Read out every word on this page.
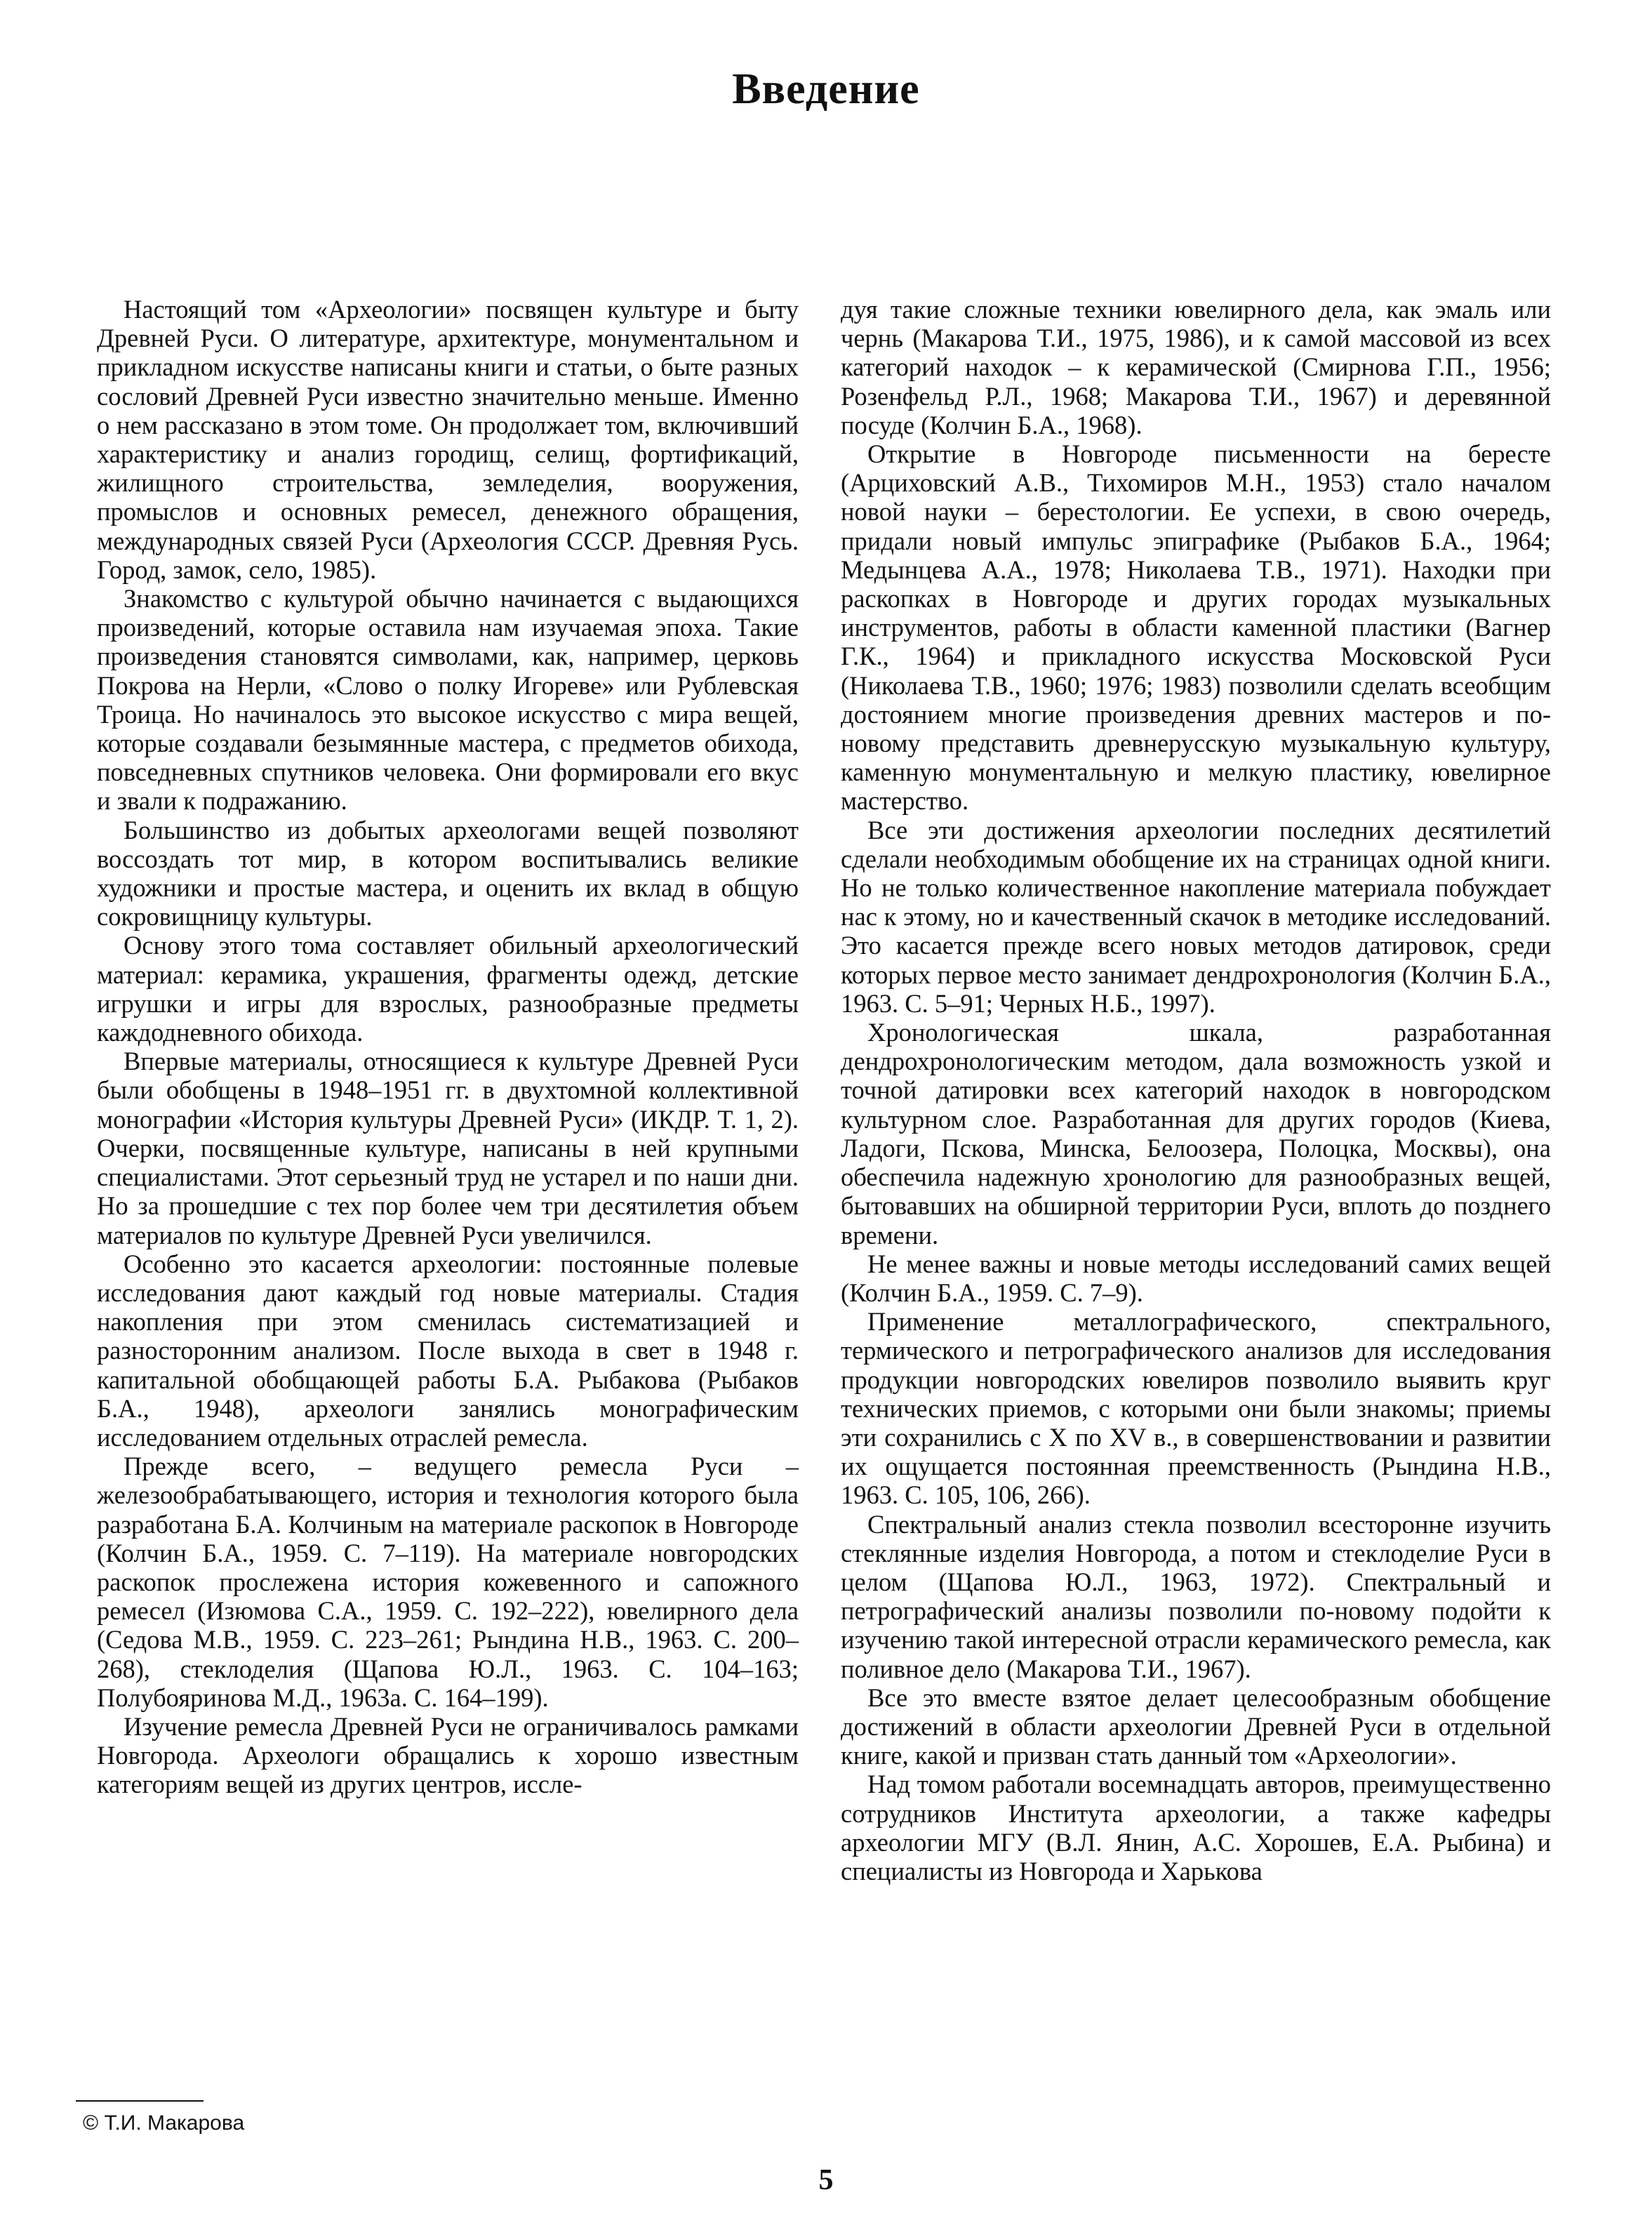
Введение

Настоящий том «Археологии» посвящен культуре и быту Древней Руси. О литературе, архитектуре, монументальном и прикладном искусстве написаны книги и статьи, о быте разных сословий Древней Руси известно значительно меньше. Именно о нем рассказано в этом томе. Он продолжает том, включивший характеристику и анализ городищ, селищ, фортификаций, жилищного строительства, земледелия, вооружения, промыслов и основных ремесел, денежного обращения, международных связей Руси (Археология СССР. Древняя Русь. Город, замок, село, 1985).

Знакомство с культурой обычно начинается с выдающихся произведений, которые оставила нам изучаемая эпоха. Такие произведения становятся символами, как, например, церковь Покрова на Нерли, «Слово о полку Игореве» или Рублевская Троица. Но начиналось это высокое искусство с мира вещей, которые создавали безымянные мастера, с предметов обихода, повседневных спутников человека. Они формировали его вкус и звали к подражанию.

Большинство из добытых археологами вещей позволяют воссоздать тот мир, в котором воспитывались великие художники и простые мастера, и оценить их вклад в общую сокровищницу культуры.

Основу этого тома составляет обильный археологический материал: керамика, украшения, фрагменты одежд, детские игрушки и игры для взрослых, разнообразные предметы каждодневного обихода.

Впервые материалы, относящиеся к культуре Древней Руси были обобщены в 1948–1951 гг. в двухтомной коллективной монографии «История культуры Древней Руси» (ИКДР. Т. 1, 2). Очерки, посвященные культуре, написаны в ней крупными специалистами. Этот серьезный труд не устарел и по наши дни. Но за прошедшие с тех пор более чем три десятилетия объем материалов по культуре Древней Руси увеличился.

Особенно это касается археологии: постоянные полевые исследования дают каждый год новые материалы. Стадия накопления при этом сменилась систематизацией и разносторонним анализом. После выхода в свет в 1948 г. капитальной обобщающей работы Б.А. Рыбакова (Рыбаков Б.А., 1948), археологи занялись монографическим исследованием отдельных отраслей ремесла.

Прежде всего, – ведущего ремесла Руси – железообрабатывающего, история и технология которого была разработана Б.А. Колчиным на материале раскопок в Новгороде (Колчин Б.А., 1959. С. 7–119). На материале новгородских раскопок прослежена история кожевенного и сапожного ремесел (Изюмова С.А., 1959. С. 192–222), ювелирного дела (Седова М.В., 1959. С. 223–261; Рындина Н.В., 1963. С. 200–268), стеклоделия (Щапова Ю.Л., 1963. С. 104–163; Полубояринова М.Д., 1963а. С. 164–199).

Изучение ремесла Древней Руси не ограничивалось рамками Новгорода. Археологи обращались к хорошо известным категориям вещей из других центров, иссле-

дуя такие сложные техники ювелирного дела, как эмаль или чернь (Макарова Т.И., 1975, 1986), и к самой массовой из всех категорий находок – к керамической (Смирнова Г.П., 1956; Розенфельд Р.Л., 1968; Макарова Т.И., 1967) и деревянной посуде (Колчин Б.А., 1968).

Открытие в Новгороде письменности на бересте (Арциховский А.В., Тихомиров М.Н., 1953) стало началом новой науки – берестологии. Ее успехи, в свою очередь, придали новый импульс эпиграфике (Рыбаков Б.А., 1964; Медынцева А.А., 1978; Николаева Т.В., 1971). Находки при раскопках в Новгороде и других городах музыкальных инструментов, работы в области каменной пластики (Вагнер Г.К., 1964) и прикладного искусства Московской Руси (Николаева Т.В., 1960; 1976; 1983) позволили сделать всеобщим достоянием многие произведения древних мастеров и по-новому представить древнерусскую музыкальную культуру, каменную монументальную и мелкую пластику, ювелирное мастерство.

Все эти достижения археологии последних десятилетий сделали необходимым обобщение их на страницах одной книги. Но не только количественное накопление материала побуждает нас к этому, но и качественный скачок в методике исследований. Это касается прежде всего новых методов датировок, среди которых первое место занимает дендрохронология (Колчин Б.А., 1963. С. 5–91; Черных Н.Б., 1997).

Хронологическая шкала, разработанная дендрохронологическим методом, дала возможность узкой и точной датировки всех категорий находок в новгородском культурном слое. Разработанная для других городов (Киева, Ладоги, Пскова, Минска, Белоозера, Полоцка, Москвы), она обеспечила надежную хронологию для разнообразных вещей, бытовавших на обширной территории Руси, вплоть до позднего времени.

Не менее важны и новые методы исследований самих вещей (Колчин Б.А., 1959. С. 7–9).

Применение металлографического, спектрального, термического и петрографического анализов для исследования продукции новгородских ювелиров позволило выявить круг технических приемов, с которыми они были знакомы; приемы эти сохранились с X по XV в., в совершенствовании и развитии их ощущается постоянная преемственность (Рындина Н.В., 1963. С. 105, 106, 266).

Спектральный анализ стекла позволил всесторонне изучить стеклянные изделия Новгорода, а потом и стеклоделие Руси в целом (Щапова Ю.Л., 1963, 1972). Спектральный и петрографический анализы позволили по-новому подойти к изучению такой интересной отрасли керамического ремесла, как поливное дело (Макарова Т.И., 1967).

Все это вместе взятое делает целесообразным обобщение достижений в области археологии Древней Руси в отдельной книге, какой и призван стать данный том «Археологии».

Над томом работали восемнадцать авторов, преимущественно сотрудников Института археологии, а также кафедры археологии МГУ (В.Л. Янин, А.С. Хорошев, Е.А. Рыбина) и специалисты из Новгорода и Харькова

© Т.И. Макарова
5
